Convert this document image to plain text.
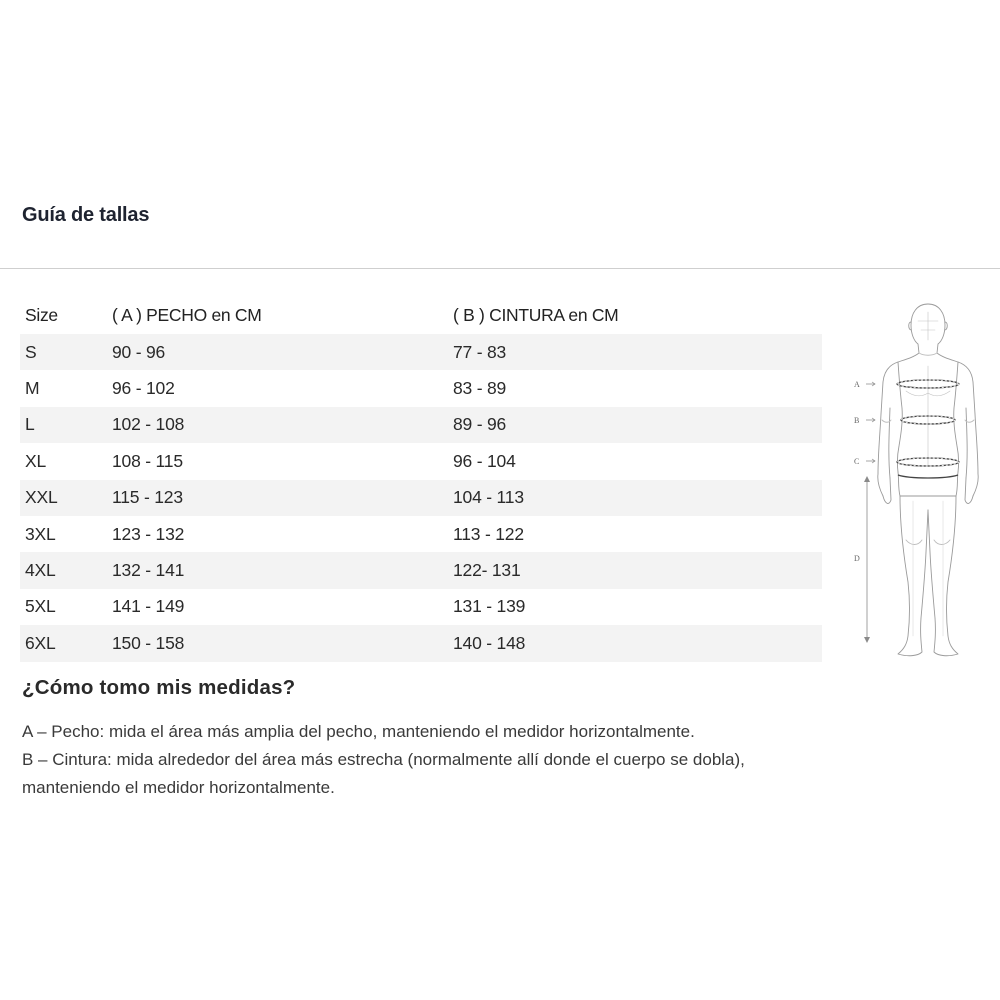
Guía de tallas
Size	( A ) PECHO en CM	( B ) CINTURA en CM
S	90 - 96	77 - 83
M	96 - 102	83 - 89
L	102 - 108	89 - 96
XL	108 - 115	96 - 104
XXL	115 - 123	104 - 113
3XL	123 - 132	113 - 122
4XL	132 - 141	122- 131
5XL	141 - 149	131 - 139
6XL	150 - 158	140 - 148
A
B
C
D
¿Cómo tomo mis medidas?

A – Pecho: mida el área más amplia del pecho, manteniendo el medidor horizontalmente.

B – Cintura: mida alrededor del área más estrecha (normalmente allí donde el cuerpo se dobla), manteniendo el medidor horizontalmente.
